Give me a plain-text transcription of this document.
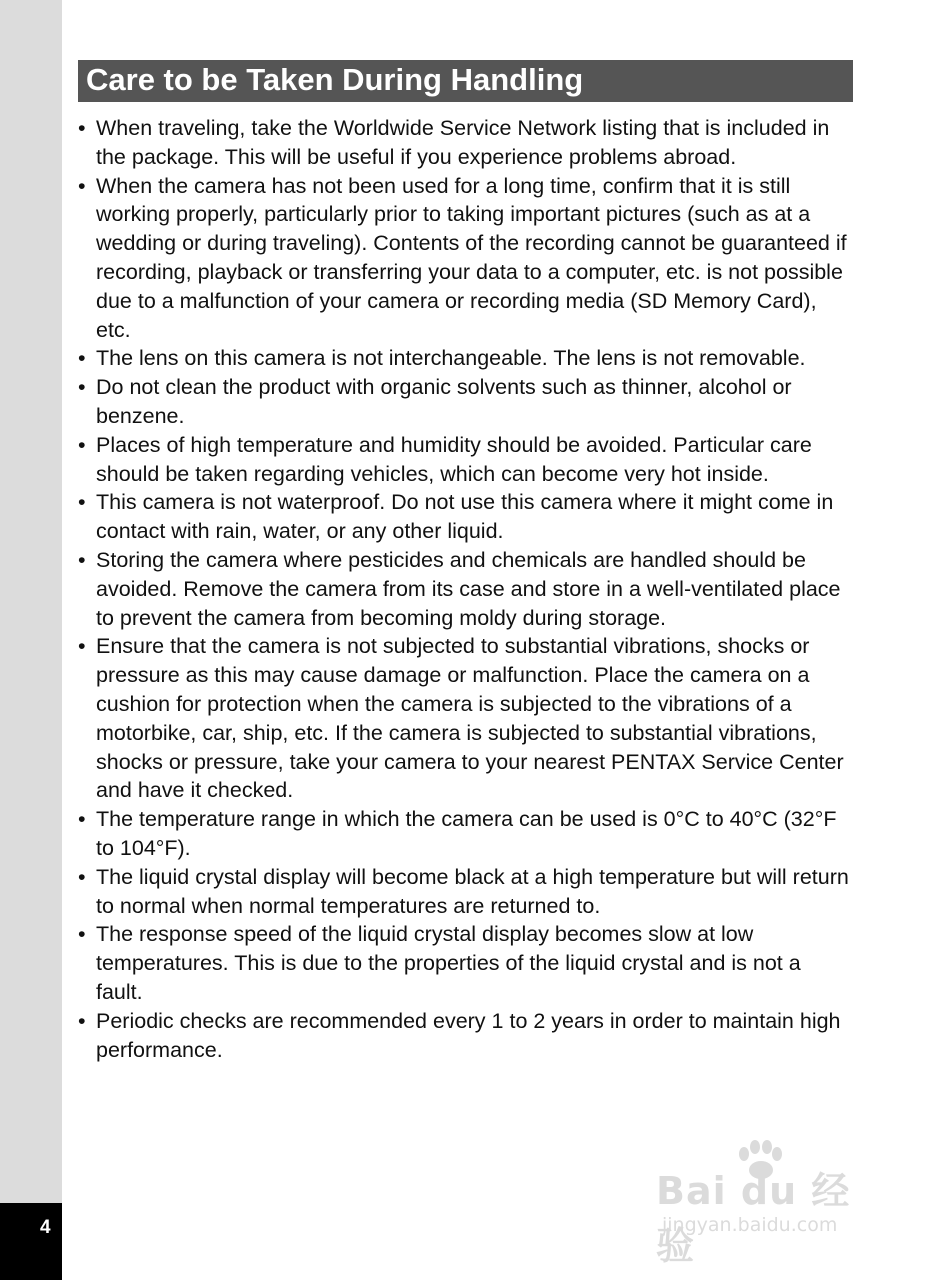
4
Care to be Taken During Handling
• When traveling, take the Worldwide Service Network listing that is included in the package. This will be useful if you experience problems abroad.
• When the camera has not been used for a long time, confirm that it is still working properly, particularly prior to taking important pictures (such as at a wedding or during traveling). Contents of the recording cannot be guaranteed if recording, playback or transferring your data to a computer, etc. is not possible due to a malfunction of your camera or recording media (SD Memory Card), etc.
• The lens on this camera is not interchangeable. The lens is not removable.
• Do not clean the product with organic solvents such as thinner, alcohol or benzene.
• Places of high temperature and humidity should be avoided. Particular care should be taken regarding vehicles, which can become very hot inside.
• This camera is not waterproof. Do not use this camera where it might come in contact with rain, water, or any other liquid.
• Storing the camera where pesticides and chemicals are handled should be avoided. Remove the camera from its case and store in a well-ventilated place to prevent the camera from becoming moldy during storage.
• Ensure that the camera is not subjected to substantial vibrations, shocks or pressure as this may cause damage or malfunction. Place the camera on a cushion for protection when the camera is subjected to the vibrations of a motorbike, car, ship, etc. If the camera is subjected to substantial vibrations, shocks or pressure, take your camera to your nearest PENTAX Service Center and have it checked.
• The temperature range in which the camera can be used is 0°C to 40°C (32°F to 104°F).
• The liquid crystal display will become black at a high temperature but will return to normal when normal temperatures are returned to.
• The response speed of the liquid crystal display becomes slow at low temperatures. This is due to the properties of the liquid crystal and is not a fault.
• Periodic checks are recommended every 1 to 2 years in order to maintain high performance.
Bai du 经验
jingyan.baidu.com
